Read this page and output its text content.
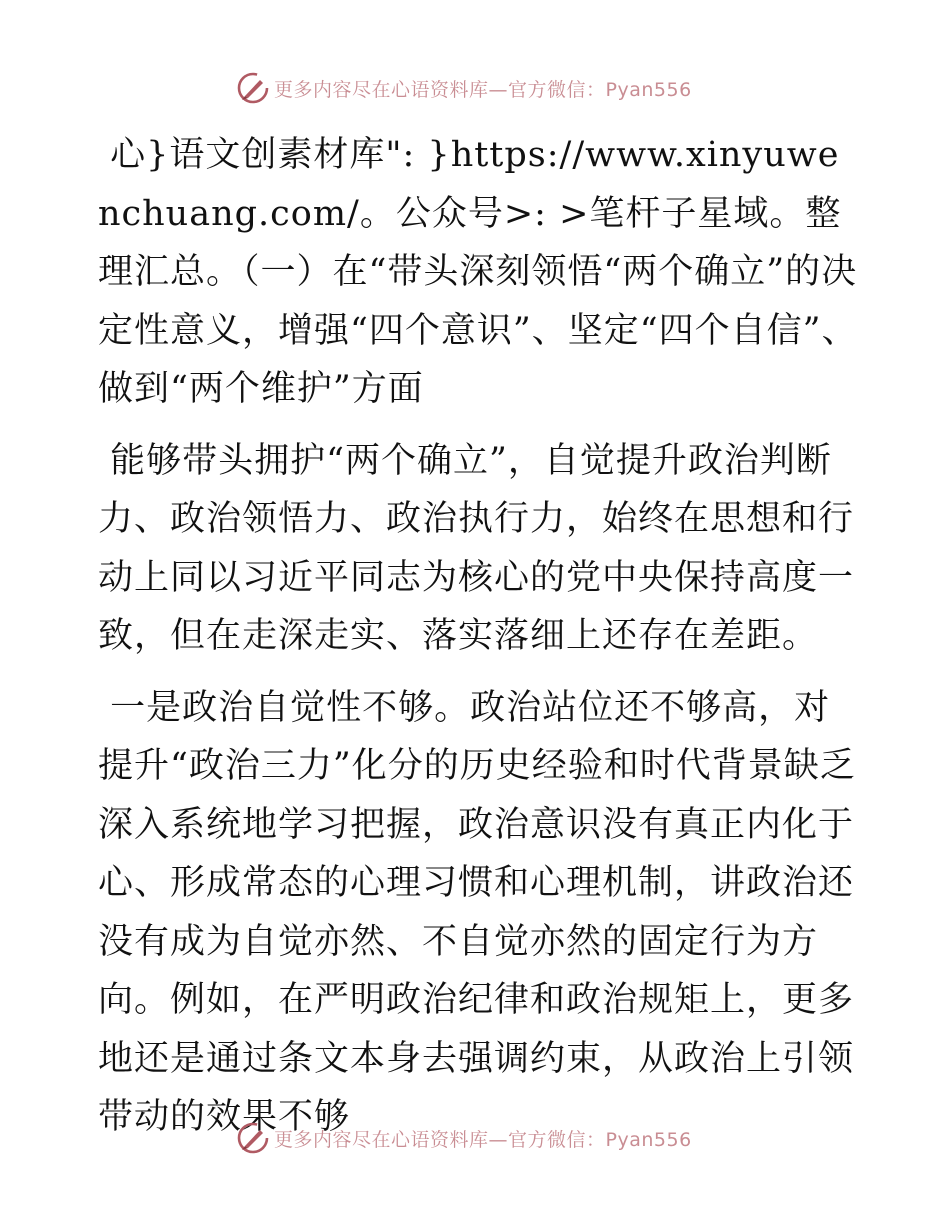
更多内容尽在心语资料库—官方微信：Pyan556

心}语文创素材库": }https://www.xinyuwenchuang.com/。公众号>: >笔杆子星域。整理汇总。（一）在“带头深刻领悟“两个确立”的决定性意义，增强“四个意识”、坚定“四个自信”、做到“两个维护”方面

能够带头拥护“两个确立”，自觉提升政治判断力、政治领悟力、政治执行力，始终在思想和行动上同以习近平同志为核心的党中央保持高度一致，但在走深走实、落实落细上还存在差距。

一是政治自觉性不够。政治站位还不够高，对提升“政治三力”化分的历史经验和时代背景缺乏深入系统地学习把握，政治意识没有真正内化于心、形成常态的心理习惯和心理机制，讲政治还没有成为自觉亦然、不自觉亦然的固定行为方向。例如，在严明政治纪律和政治规矩上，更多地还是通过条文本身去强调约束，从政治上引领带动的效果不够

更多内容尽在心语资料库—官方微信：Pyan556
